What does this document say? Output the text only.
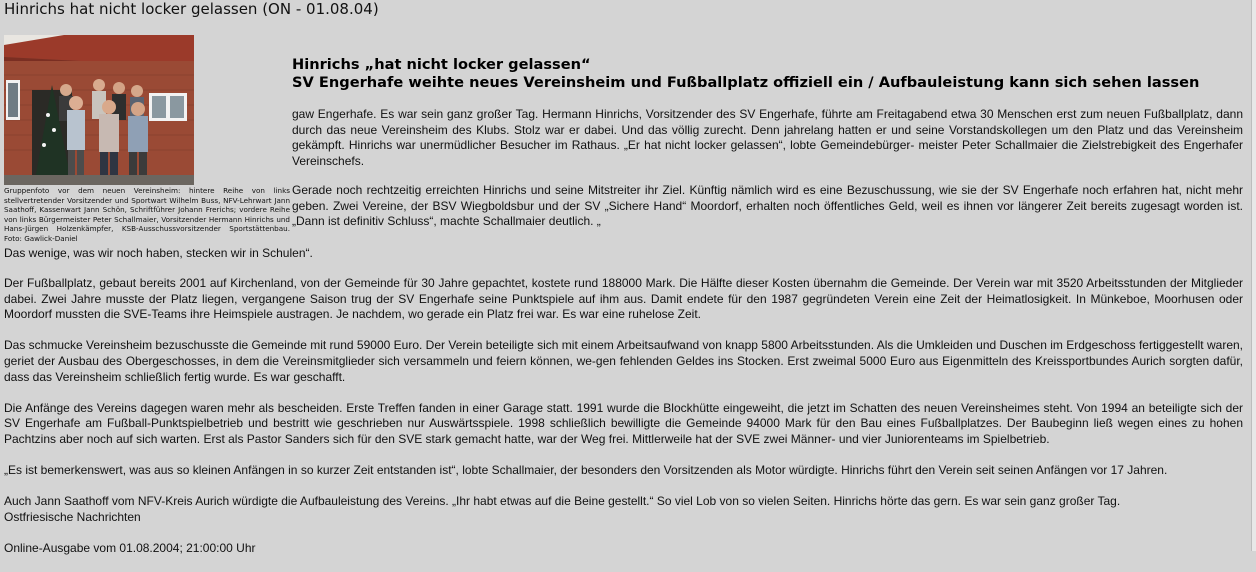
Hinrichs hat nicht locker gelassen (ON - 01.08.04)
Gruppenfoto vor dem neuen Vereinsheim: hintere Reihe von links stellvertretender Vorsitzender und Sportwart Wilhelm Buss, NFV-Lehrwart Jann Saathoff, Kassenwart Jann Schön, Schriftführer Johann Frerichs; vordere Reihe von links Bürgermeister Peter Schallmaier, Vorsitzender Hermann Hinrichs und Hans-Jürgen Holzenkämpfer, KSB-Ausschussvorsitzender Sportstättenbau. Foto: Gawlick-Daniel
Hinrichs „hat nicht locker gelassen“
SV Engerhafe weihte neues Vereinsheim und Fußballplatz offiziell ein / Aufbauleistung kann sich sehen lassen

gaw Engerhafe. Es war sein ganz großer Tag. Hermann Hinrichs, Vorsitzender des SV Engerhafe, führte am Freitagabend etwa 30 Menschen erst zum neuen Fußballplatz, dann durch das neue Vereinsheim des Klubs. Stolz war er dabei. Und das völlig zurecht. Denn jahrelang hatten er und seine Vorstandskollegen um den Platz und das Vereinsheim gekämpft. Hinrichs war unermüdlicher Besucher im Rathaus. „Er hat nicht locker gelassen“, lobte Gemeindebürger- meister Peter Schallmaier die Zielstrebigkeit des Engerhafer Vereinschefs.

Gerade noch rechtzeitig erreichten Hinrichs und seine Mitstreiter ihr Ziel. Künftig nämlich wird es eine Bezuschussung, wie sie der SV Engerhafe noch erfahren hat, nicht mehr geben. Zwei Vereine, der BSV Wiegboldsbur und der SV „Sichere Hand“ Moordorf, erhalten noch öffentliches Geld, weil es ihnen vor längerer Zeit bereits zugesagt worden ist. „Dann ist definitiv Schluss“, machte Schallmaier deutlich. „

Das wenige, was wir noch haben, stecken wir in Schulen“.

Der Fußballplatz, gebaut bereits 2001 auf Kirchenland, von der Gemeinde für 30 Jahre gepachtet, kostete rund 188000 Mark. Die Hälfte dieser Kosten übernahm die Gemeinde. Der Verein war mit 3520 Arbeitsstunden der Mitglieder dabei. Zwei Jahre musste der Platz liegen, vergangene Saison trug der SV Engerhafe seine Punktspiele auf ihm aus. Damit endete für den 1987 gegründeten Verein eine Zeit der Heimatlosigkeit. In Münkeboe, Moorhusen oder Moordorf mussten die SVE-Teams ihre Heimspiele austragen. Je nachdem, wo gerade ein Platz frei war. Es war eine ruhelose Zeit.

Das schmucke Vereinsheim bezuschusste die Gemeinde mit rund 59000 Euro. Der Verein beteiligte sich mit einem Arbeitsaufwand von knapp 5800 Arbeitsstunden. Als die Umkleiden und Duschen im Erdgeschoss fertiggestellt waren, geriet der Ausbau des Obergeschosses, in dem die Vereinsmitglieder sich versammeln und feiern können, we-gen fehlenden Geldes ins Stocken. Erst zweimal 5000 Euro aus Eigenmitteln des Kreissportbundes Aurich sorgten dafür, dass das Vereinsheim schließlich fertig wurde. Es war geschafft.

Die Anfänge des Vereins dagegen waren mehr als bescheiden. Erste Treffen fanden in einer Garage statt. 1991 wurde die Blockhütte eingeweiht, die jetzt im Schatten des neuen Vereinsheimes steht. Von 1994 an beteiligte sich der SV Engerhafe am Fußball-Punktspielbetrieb und bestritt wie geschrieben nur Auswärtsspiele. 1998 schließlich bewilligte die Gemeinde 94000 Mark für den Bau eines Fußballplatzes. Der Baubeginn ließ wegen eines zu hohen Pachtzins aber noch auf sich warten. Erst als Pastor Sanders sich für den SVE stark gemacht hatte, war der Weg frei. Mittlerweile hat der SVE zwei Männer- und vier Juniorenteams im Spielbetrieb.

„Es ist bemerkenswert, was aus so kleinen Anfängen in so kurzer Zeit entstanden ist“, lobte Schallmaier, der besonders den Vorsitzenden als Motor würdigte. Hinrichs führt den Verein seit seinen Anfängen vor 17 Jahren.

Auch Jann Saathoff vom NFV-Kreis Aurich würdigte die Aufbauleistung des Vereins. „Ihr habt etwas auf die Beine gestellt.“ So viel Lob von so vielen Seiten. Hinrichs hörte das gern. Es war sein ganz großer Tag.

Ostfriesische Nachrichten
Online-Ausgabe vom 01.08.2004; 21:00:00 Uhr
